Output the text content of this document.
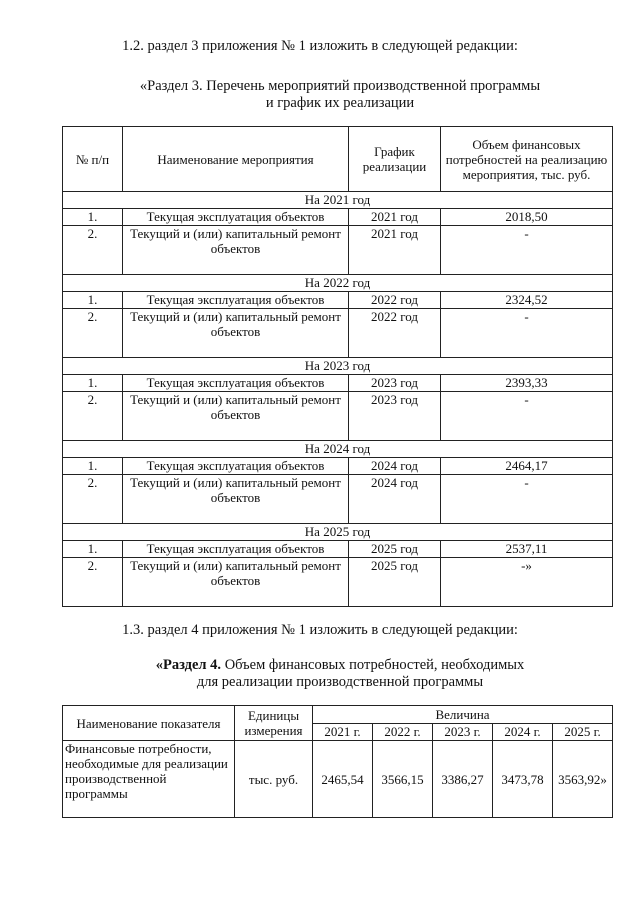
1.2. раздел 3 приложения № 1 изложить в следующей редакции:
«Раздел 3. Перечень мероприятий производственной программы
и график их реализации
№ п/п	Наименование мероприятия	График реализации	Объем финансовых потребностей на реализацию мероприятия, тыс. руб.
На 2021 год			
1.	Текущая эксплуатация объектов	2021 год	2018,50
2.	Текущий и (или) капитальный ремонт объектов	2021 год	-
На 2022 год			
1.	Текущая эксплуатация объектов	2022 год	2324,52
2.	Текущий и (или) капитальный ремонт объектов	2022 год	-
На 2023 год			
1.	Текущая эксплуатация объектов	2023 год	2393,33
2.	Текущий и (или) капитальный ремонт объектов	2023 год	-
На 2024 год			
1.	Текущая эксплуатация объектов	2024 год	2464,17
2.	Текущий и (или) капитальный ремонт объектов	2024 год	-
На 2025 год			
1.	Текущая эксплуатация объектов	2025 год	2537,11
2.	Текущий и (или) капитальный ремонт объектов	2025 год	-»
1.3. раздел 4 приложения № 1 изложить в следующей редакции:
«Раздел 4. Объем финансовых потребностей, необходимых
для реализации производственной программы
Наименование показателя	Единицы измерения	Величина				
		2021 г.	2022 г.	2023 г.	2024 г.	2025 г.
Финансовые потребности, необходимые для реализации производственной программы	тыс. руб.	2465,54	3566,15	3386,27	3473,78	3563,92»
